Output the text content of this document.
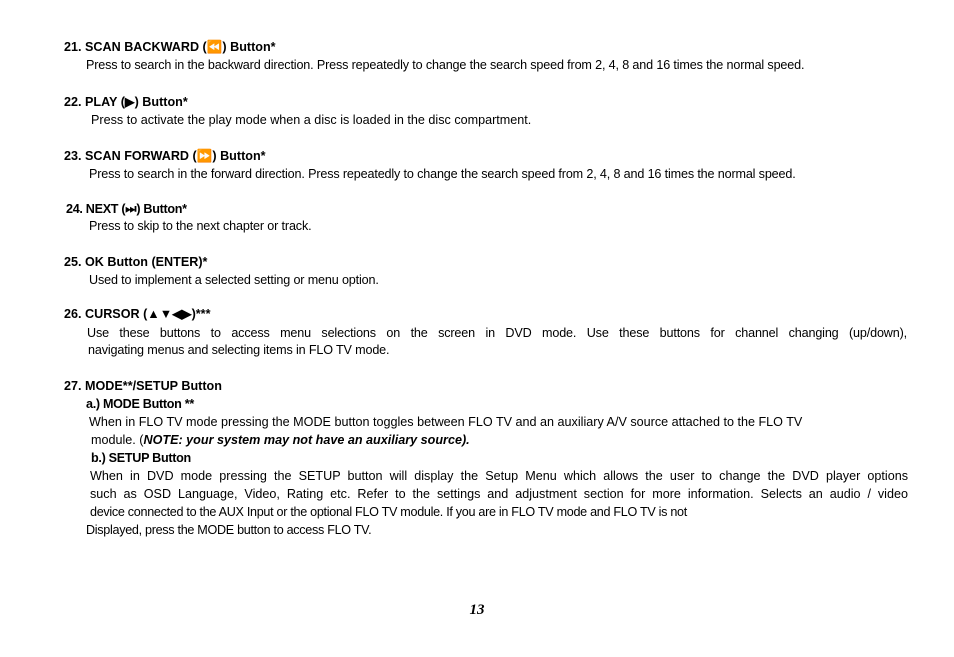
21. SCAN BACKWARD (⏪) Button*
Press to search in the backward direction. Press repeatedly to change the search speed from 2, 4, 8 and 16 times the normal speed.
22. PLAY (▶) Button*
Press to activate the play mode when a disc is loaded in the disc compartment.
23. SCAN FORWARD (⏩) Button*
Press to search in the forward direction. Press repeatedly to change the search speed from 2, 4, 8 and 16 times the normal speed.
24. NEXT (⏭) Button*
Press to skip to the next chapter or track.
25. OK Button (ENTER)*
Used to implement a selected setting or menu option.
26. CURSOR (▲▼◀▶)***
Use these buttons to access menu selections on the screen in DVD mode. Use these buttons for channel changing (up/down),
navigating menus and selecting items in FLO TV mode.
27. MODE**/SETUP Button
a.) MODE Button **
When in FLO TV mode pressing the MODE button toggles between FLO TV and an auxiliary A/V source attached to the FLO TV
module. (NOTE: your system may not have an auxiliary source).
b.) SETUP Button
When in DVD mode pressing the SETUP button will display the Setup Menu which allows the user to change the DVD player options
such as OSD Language, Video, Rating etc. Refer to the settings and adjustment section for more information. Selects an audio / video
device connected to the AUX Input or the optional FLO TV module. If you are in FLO TV mode and FLO TV is not
Displayed, press the MODE button to access FLO TV.
13
